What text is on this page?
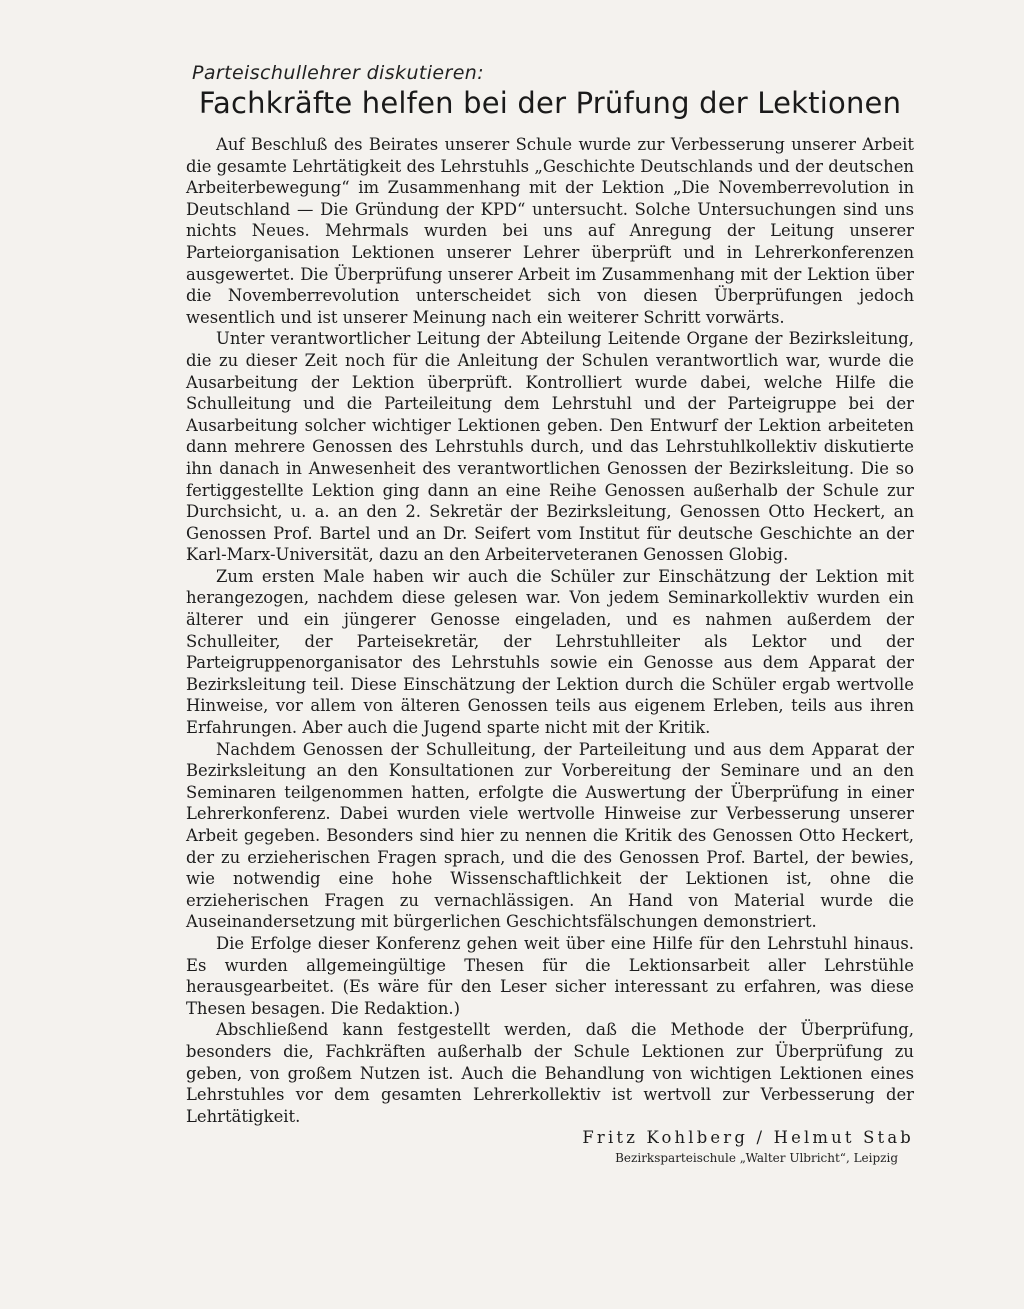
Parteischullehrer diskutieren:
Fachkräfte helfen bei der Prüfung der Lektionen

Auf Beschluß des Beirates unserer Schule wurde zur Verbesserung unserer Arbeit die gesamte Lehrtätigkeit des Lehrstuhls „Geschichte Deutschlands und der deutschen Arbeiterbewegung“ im Zusammenhang mit der Lektion „Die Novemberrevolution in Deutschland — Die Gründung der KPD“ untersucht. Solche Untersuchungen sind uns nichts Neues. Mehrmals wurden bei uns auf Anregung der Leitung unserer Parteiorganisation Lektionen unserer Lehrer überprüft und in Lehrerkonferenzen ausgewertet. Die Überprüfung unserer Arbeit im Zusammenhang mit der Lektion über die Novemberrevolution unterscheidet sich von diesen Überprüfungen jedoch wesentlich und ist unserer Meinung nach ein weiterer Schritt vorwärts.

Unter verantwortlicher Leitung der Abteilung Leitende Organe der Bezirksleitung, die zu dieser Zeit noch für die Anleitung der Schulen verantwortlich war, wurde die Ausarbeitung der Lektion überprüft. Kontrolliert wurde dabei, welche Hilfe die Schulleitung und die Parteileitung dem Lehrstuhl und der Parteigruppe bei der Ausarbeitung solcher wichtiger Lektionen geben. Den Entwurf der Lektion arbeiteten dann mehrere Genossen des Lehrstuhls durch, und das Lehrstuhlkollektiv diskutierte ihn danach in Anwesenheit des verantwortlichen Genossen der Bezirksleitung. Die so fertiggestellte Lektion ging dann an eine Reihe Genossen außerhalb der Schule zur Durchsicht, u. a. an den 2. Sekretär der Bezirksleitung, Genossen Otto Heckert, an Genossen Prof. Bartel und an Dr. Seifert vom Institut für deutsche Geschichte an der Karl-Marx-Universität, dazu an den Arbeiterveteranen Genossen Globig.

Zum ersten Male haben wir auch die Schüler zur Einschätzung der Lektion mit herangezogen, nachdem diese gelesen war. Von jedem Seminarkollektiv wurden ein älterer und ein jüngerer Genosse eingeladen, und es nahmen außerdem der Schulleiter, der Parteisekretär, der Lehrstuhlleiter als Lektor und der Parteigruppenorganisator des Lehrstuhls sowie ein Genosse aus dem Apparat der Bezirksleitung teil. Diese Einschätzung der Lektion durch die Schüler ergab wertvolle Hinweise, vor allem von älteren Genossen teils aus eigenem Erleben, teils aus ihren Erfahrungen. Aber auch die Jugend sparte nicht mit der Kritik.

Nachdem Genossen der Schulleitung, der Parteileitung und aus dem Apparat der Bezirksleitung an den Konsultationen zur Vorbereitung der Seminare und an den Seminaren teilgenommen hatten, erfolgte die Auswertung der Überprüfung in einer Lehrerkonferenz. Dabei wurden viele wertvolle Hinweise zur Verbesserung unserer Arbeit gegeben. Besonders sind hier zu nennen die Kritik des Genossen Otto Heckert, der zu erzieherischen Fragen sprach, und die des Genossen Prof. Bartel, der bewies, wie notwendig eine hohe Wissenschaftlichkeit der Lektionen ist, ohne die erzieherischen Fragen zu vernachlässigen. An Hand von Material wurde die Auseinandersetzung mit bürgerlichen Geschichtsfälschungen demonstriert.

Die Erfolge dieser Konferenz gehen weit über eine Hilfe für den Lehrstuhl hinaus. Es wurden allgemeingültige Thesen für die Lektionsarbeit aller Lehrstühle herausgearbeitet. (Es wäre für den Leser sicher interessant zu erfahren, was diese Thesen besagen. Die Redaktion.)

Abschließend kann festgestellt werden, daß die Methode der Überprüfung, besonders die, Fachkräften außerhalb der Schule Lektionen zur Überprüfung zu geben, von großem Nutzen ist. Auch die Behandlung von wichtigen Lektionen eines Lehrstuhles vor dem gesamten Lehrerkollektiv ist wertvoll zur Verbesserung der Lehrtätigkeit.

Fritz Kohlberg / Helmut Stab
Bezirksparteischule „Walter Ulbricht“, Leipzig
